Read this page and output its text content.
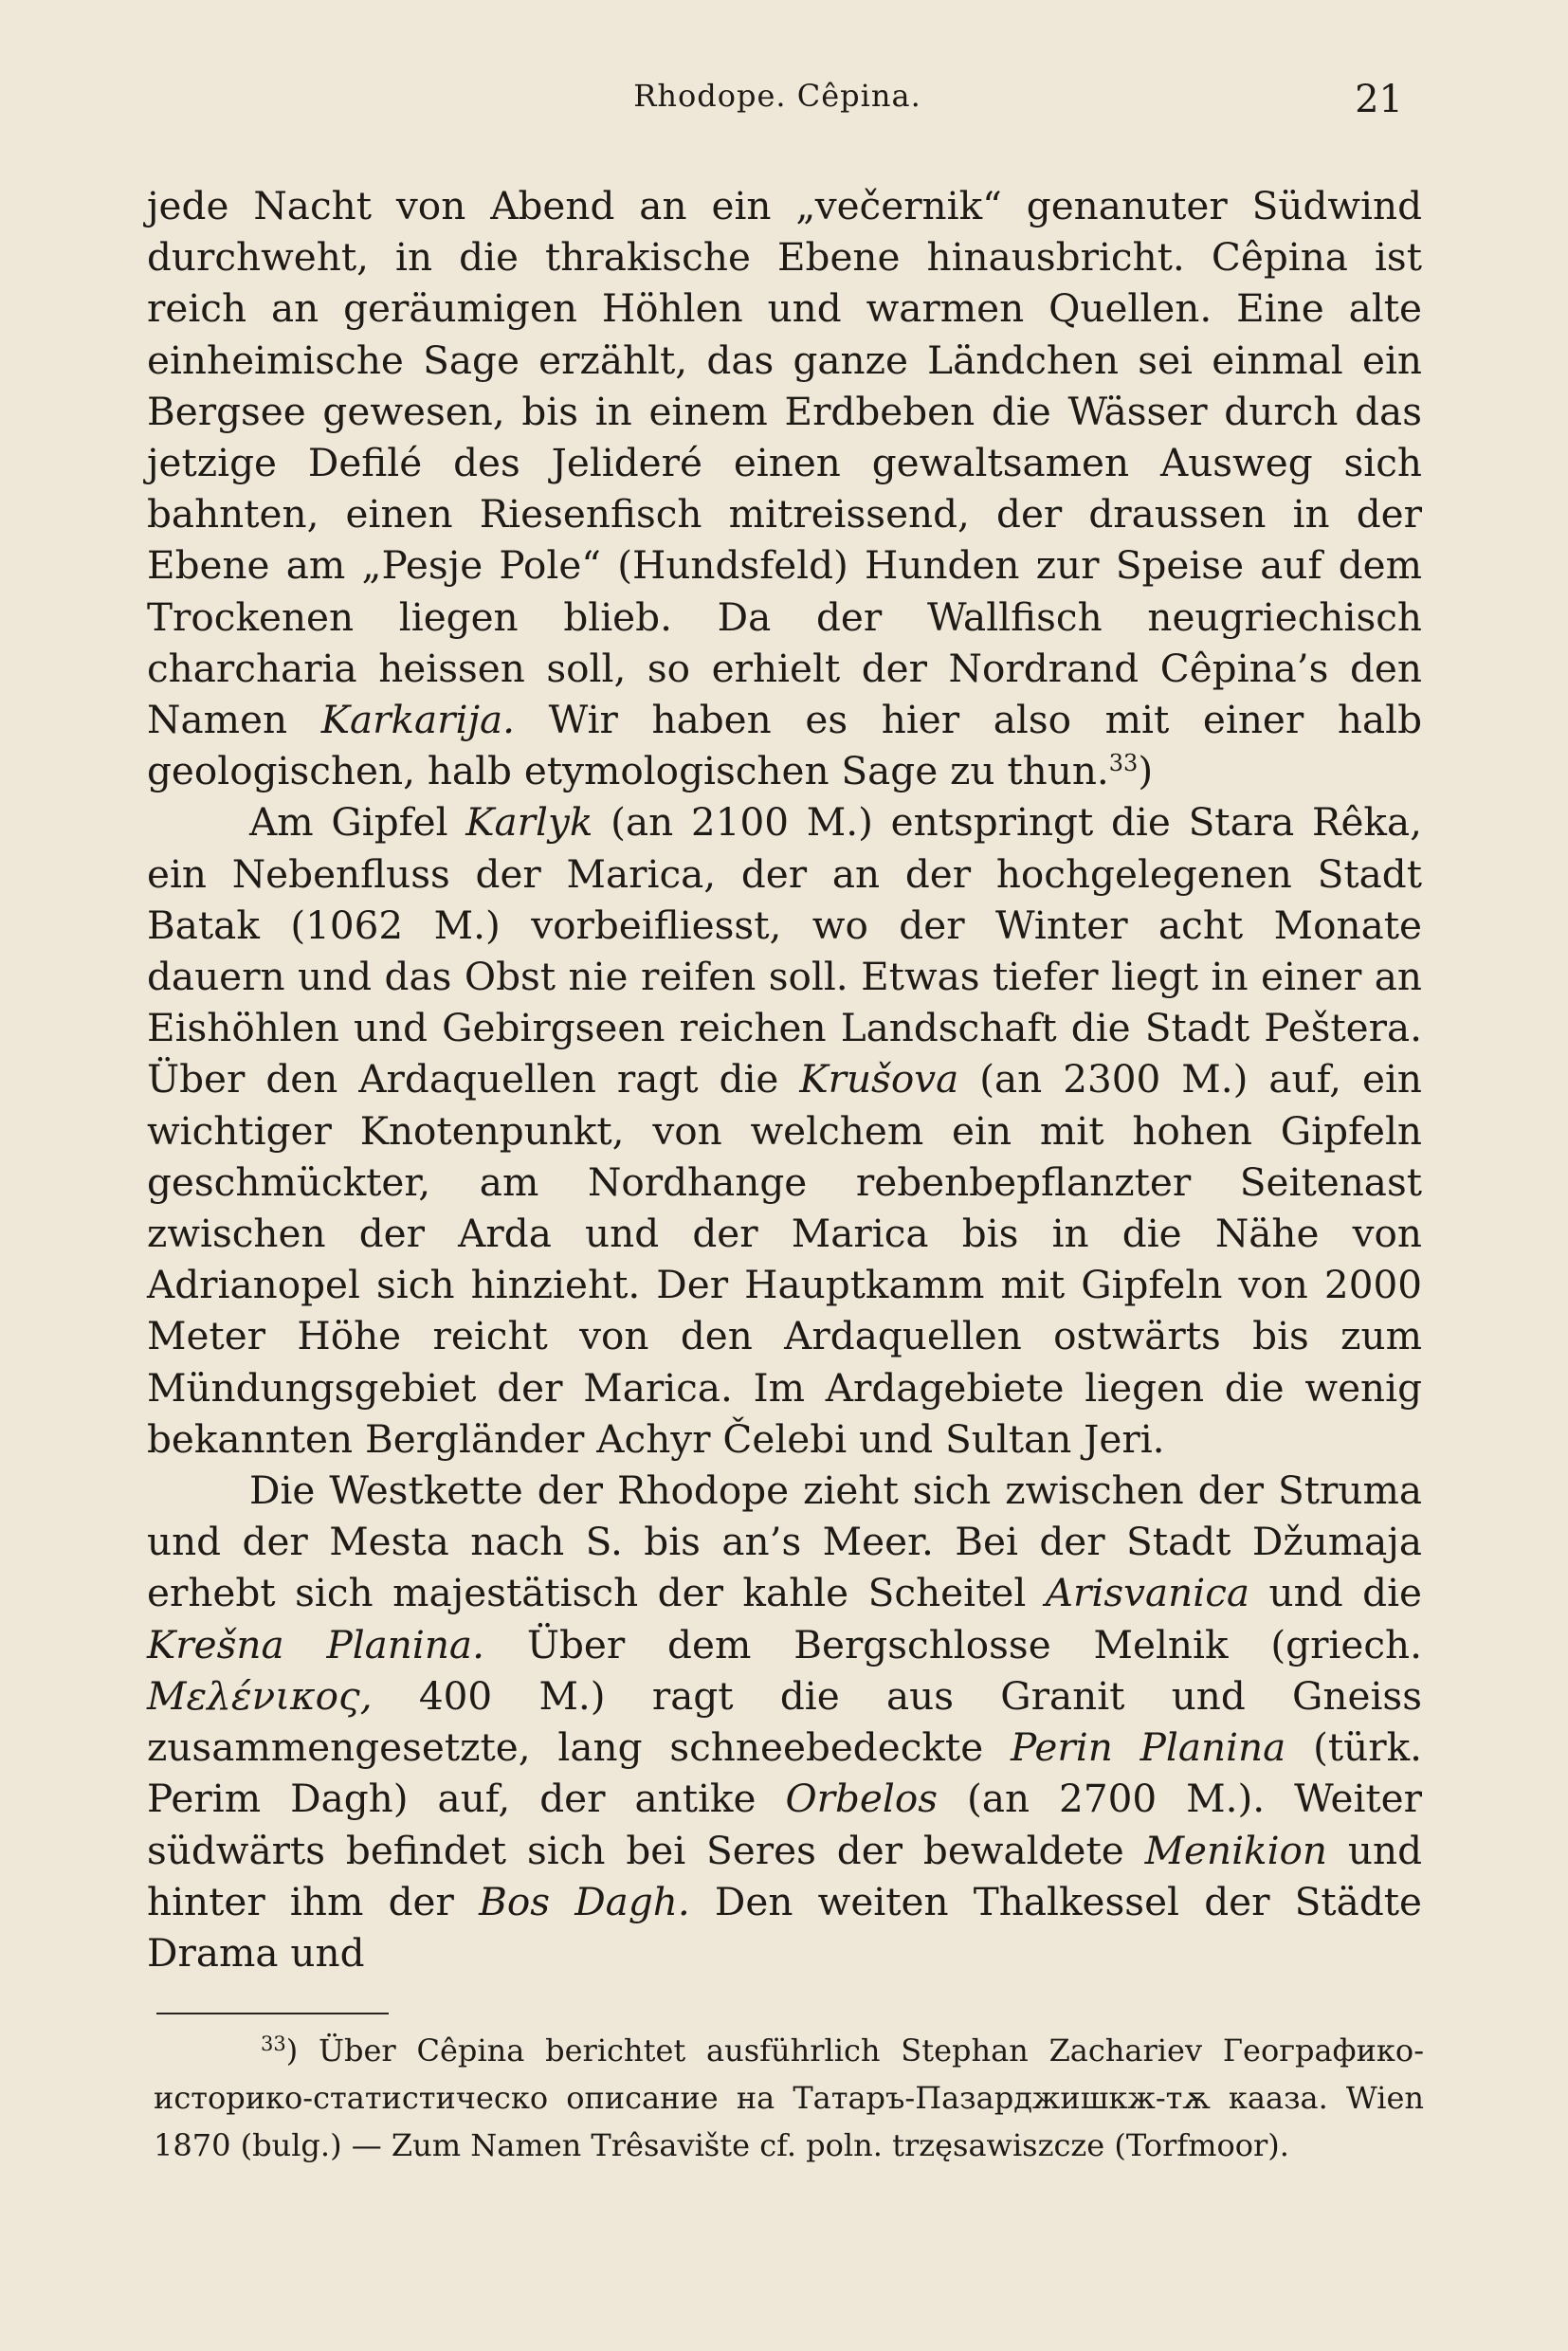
Rhodope. Cêpina.	21

jede Nacht von Abend an ein „večernik“ genanuter Südwind durchweht, in die thrakische Ebene hinausbricht. Cêpina ist reich an geräumigen Höhlen und warmen Quellen. Eine alte einheimische Sage erzählt, das ganze Ländchen sei einmal ein Bergsee gewesen, bis in einem Erdbeben die Wässer durch das jetzige Defilé des Jelideré einen gewaltsamen Ausweg sich bahnten, einen Riesenfisch mitreissend, der draussen in der Ebene am „Pesje Pole“ (Hundsfeld) Hunden zur Speise auf dem Trockenen liegen blieb. Da der Wallfisch neugriechisch charcharia heissen soll, so erhielt der Nordrand Cêpina’s den Namen Karkarija. Wir haben es hier also mit einer halb geologischen, halb etymologischen Sage zu thun.$^{33}$)

Am Gipfel Karlyk (an 2100 M.) entspringt die Stara Rêka, ein Nebenfluss der Marica, der an der hochgelegenen Stadt Batak (1062 M.) vorbeifliesst, wo der Winter acht Monate dauern und das Obst nie reifen soll. Etwas tiefer liegt in einer an Eishöhlen und Gebirgseen reichen Landschaft die Stadt Peštera. Über den Ardaquellen ragt die Krušova (an 2300 M.) auf, ein wichtiger Knotenpunkt, von welchem ein mit hohen Gipfeln geschmückter, am Nordhange rebenbepflanzter Seitenast zwischen der Arda und der Marica bis in die Nähe von Adrianopel sich hinzieht. Der Hauptkamm mit Gipfeln von 2000 Meter Höhe reicht von den Ardaquellen ostwärts bis zum Mündungsgebiet der Marica. Im Ardagebiete liegen die wenig bekannten Bergländer Achyr Čelebi und Sultan Jeri.

Die Westkette der Rhodope zieht sich zwischen der Struma und der Mesta nach S. bis an’s Meer. Bei der Stadt Džumaja erhebt sich majestätisch der kahle Scheitel Arisvanica und die Krešna Planina. Über dem Bergschlosse Melnik (griech. Μελένικος, 400 M.) ragt die aus Granit und Gneiss zusammengesetzte, lang schneebedeckte Perin Planina (türk. Perim Dagh) auf, der antike Orbelos (an 2700 M.). Weiter südwärts befindet sich bei Seres der bewaldete Menikion und hinter ihm der Bos Dagh. Den weiten Thalkessel der Städte Drama und

$^{33}$) Über Cêpina berichtet ausführlich Stephan Zachariev Географико-историко-статистическо описание на Татаръ-Пазарджишкж-тѫ кааза. Wien 1870 (bulg.) — Zum Namen Trêsavište cf. poln. trzęsawiszcze (Torfmoor).
